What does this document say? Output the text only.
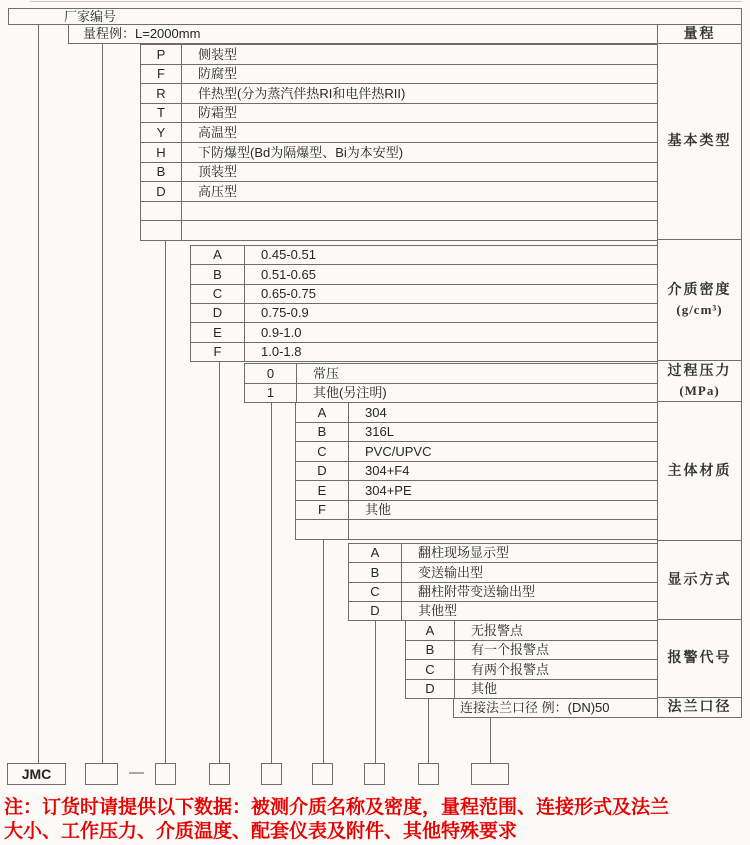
厂家编号
量程例：L=2000mm	量程
连接法兰口径 例：(DN)50	法兰口径
JMC	—
注：订货时请提供以下数据：被测介质名称及密度，量程范围、连接形式及法兰
大小、工作压力、介质温度、配套仪表及附件、其他特殊要求
P	侧装型
F	防腐型
R	伴热型(分为蒸汽伴热RI和电伴热RII)
T	防霜型
Y	高温型
H	下防爆型(Bd为隔爆型、Bi为本安型)
B	顶装型
D	高压型
基本类型
A	0.45-0.51
B	0.51-0.65
C	0.65-0.75
D	0.75-0.9
E	0.9-1.0
F	1.0-1.8
介质密度
(g/cm³)
0	常压
1	其他(另注明)
过程压力
(MPa)
A	304
B	316L
C	PVC/UPVC
D	304+F4
E	304+PE
F	其他
主体材质
A	翻柱现场显示型
B	变送输出型
C	翻柱附带变送输出型
D	其他型
显示方式
A	无报警点
B	有一个报警点
C	有两个报警点
D	其他
报警代号
